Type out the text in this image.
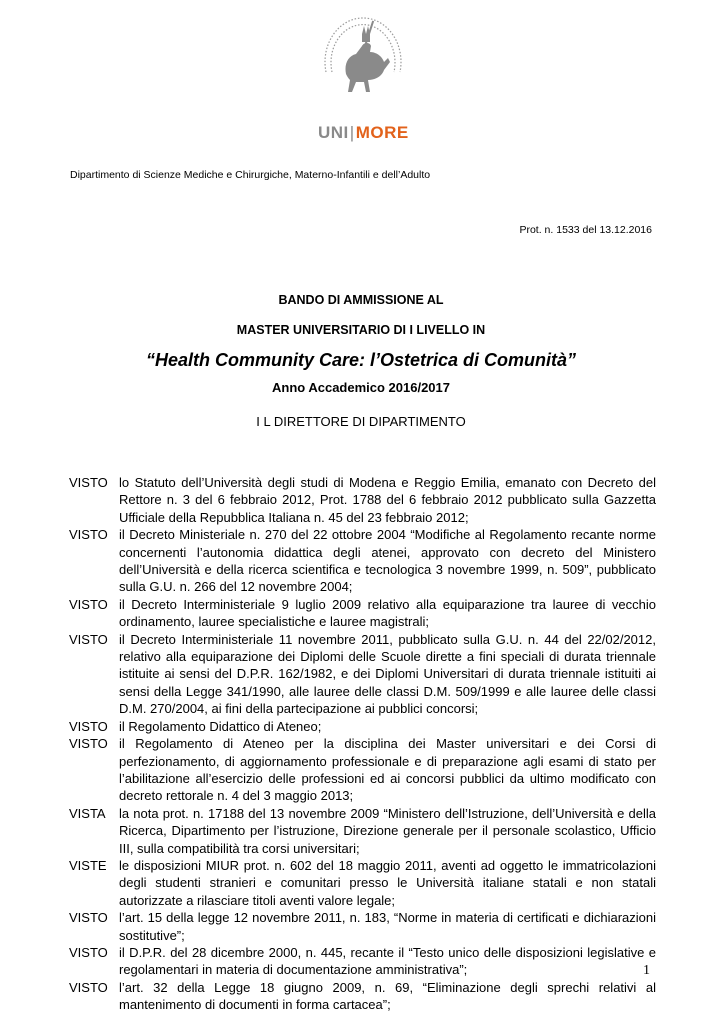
UNI|MORE
Dipartimento di Scienze Mediche e Chirurgiche, Materno-Infantili e dell’Adulto
Prot. n. 1533 del 13.12.2016
BANDO DI AMMISSIONE AL
MASTER UNIVERSITARIO DI I LIVELLO IN
“Health Community Care: l’Ostetrica di Comunità”
Anno Accademico 2016/2017
I L DIRETTORE DI DIPARTIMENTO
VISTO lo Statuto dell’Università degli studi di Modena e Reggio Emilia, emanato con Decreto del Rettore n. 3 del 6 febbraio 2012, Prot. 1788 del 6 febbraio 2012 pubblicato sulla Gazzetta Ufficiale della Repubblica Italiana n. 45 del 23 febbraio 2012;
VISTO il Decreto Ministeriale n. 270 del 22 ottobre 2004 “Modifiche al Regolamento recante norme concernenti l’autonomia didattica degli atenei, approvato con decreto del Ministero dell’Università e della ricerca scientifica e tecnologica 3 novembre 1999, n. 509”, pubblicato sulla G.U. n. 266 del 12 novembre 2004;
VISTO il Decreto Interministeriale 9 luglio 2009 relativo alla equiparazione tra lauree di vecchio ordinamento, lauree specialistiche e lauree magistrali;
VISTO il Decreto Interministeriale 11 novembre 2011, pubblicato sulla G.U. n. 44 del 22/02/2012, relativo alla equiparazione dei Diplomi delle Scuole dirette a fini speciali di durata triennale istituite ai sensi del D.P.R. 162/1982, e dei Diplomi Universitari di durata triennale istituiti ai sensi della Legge 341/1990, alle lauree delle classi D.M. 509/1999 e alle lauree delle classi D.M. 270/2004, ai fini della partecipazione ai pubblici concorsi;
VISTO il Regolamento Didattico di Ateneo;
VISTO il Regolamento di Ateneo per la disciplina dei Master universitari e dei Corsi di perfezionamento, di aggiornamento professionale e di preparazione agli esami di stato per l’abilitazione all’esercizio delle professioni ed ai concorsi pubblici da ultimo modificato con decreto rettorale n. 4 del 3 maggio 2013;
VISTA	la nota prot. n. 17188 del 13 novembre 2009 “Ministero dell’Istruzione, dell’Università e della Ricerca, Dipartimento per l’istruzione, Direzione generale per il personale scolastico, Ufficio III, sulla compatibilità tra corsi universitari;
VISTE le disposizioni MIUR prot. n. 602 del 18 maggio 2011, aventi ad oggetto le immatricolazioni degli studenti stranieri e comunitari presso le Università italiane statali e non statali autorizzate a rilasciare titoli aventi valore legale;
VISTO l’art. 15 della legge 12 novembre 2011, n. 183, “Norme in materia di certificati e dichiarazioni sostitutive”;
VISTO il D.P.R. del 28 dicembre 2000, n. 445, recante il “Testo unico delle disposizioni legislative e regolamentari in materia di documentazione amministrativa”;
VISTO l’art. 32 della Legge 18 giugno 2009, n. 69, “Eliminazione degli sprechi relativi al mantenimento di documenti in forma cartacea”;
1
